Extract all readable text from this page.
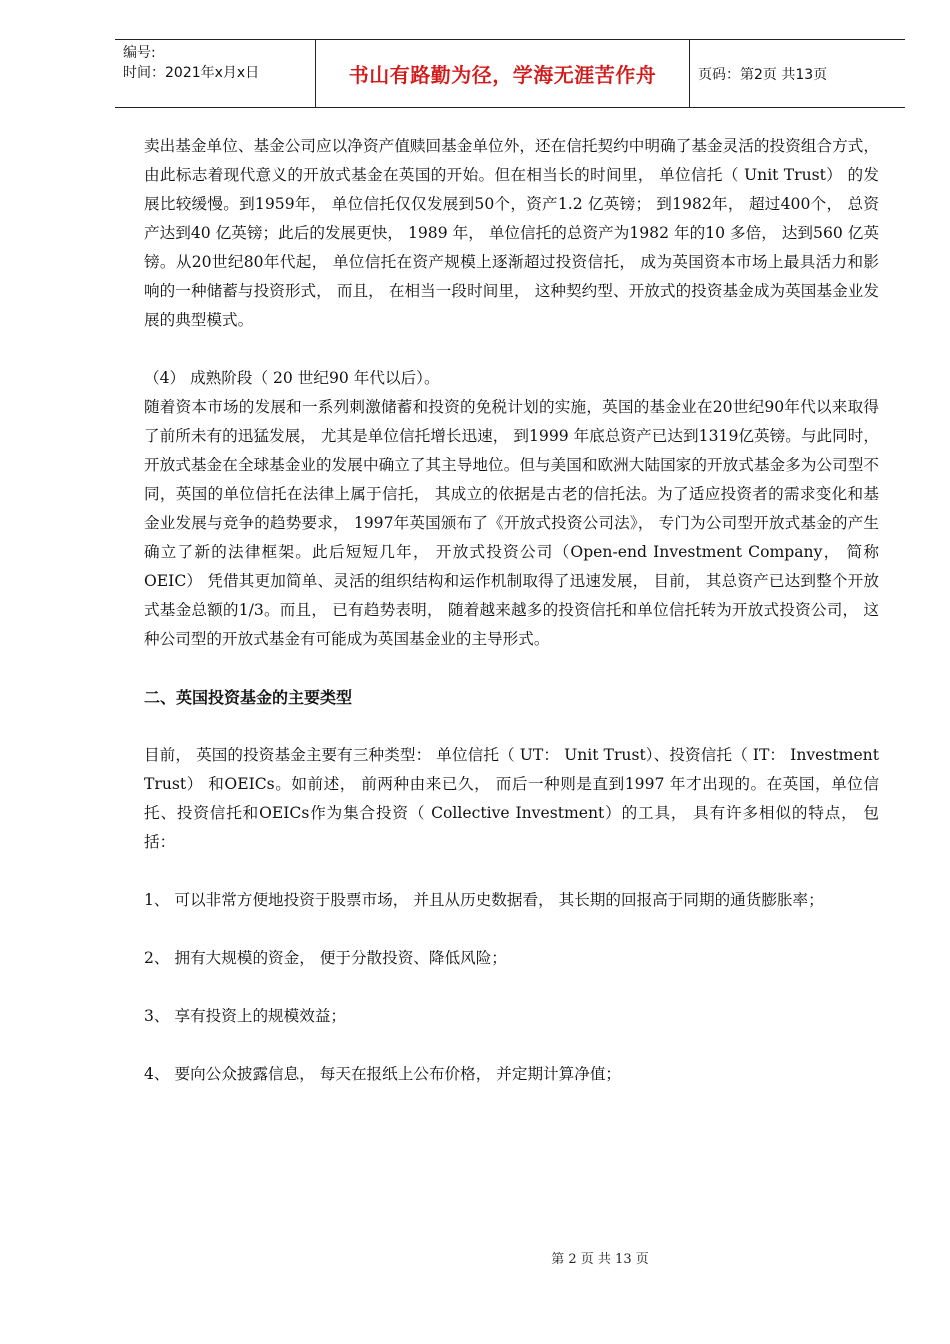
编号:
时间：2021年x月x日	书山有路勤为径，学海无涯苦作舟	页码：第2页 共13页

卖出基金单位、基金公司应以净资产值赎回基金单位外，还在信托契约中明确了基金灵活的投资组合方式， 由此标志着现代意义的开放式基金在英国的开始。但在相当长的时间里， 单位信托（ Unit Trust） 的发展比较缓慢。到1959年， 单位信托仅仅发展到50个，资产1.2 亿英镑； 到1982年， 超过400个， 总资产达到40 亿英镑；此后的发展更快， 1989 年， 单位信托的总资产为1982 年的10 多倍， 达到560 亿英镑。从20世纪80年代起， 单位信托在资产规模上逐渐超过投资信托， 成为英国资本市场上最具活力和影响的一种储蓄与投资形式， 而且， 在相当一段时间里， 这种契约型、开放式的投资基金成为英国基金业发展的典型模式。

（4） 成熟阶段（ 20 世纪90 年代以后）。

随着资本市场的发展和一系列刺激储蓄和投资的免税计划的实施，英国的基金业在20世纪90年代以来取得了前所未有的迅猛发展， 尤其是单位信托增长迅速， 到1999 年底总资产已达到1319亿英镑。与此同时， 开放式基金在全球基金业的发展中确立了其主导地位。但与美国和欧洲大陆国家的开放式基金多为公司型不同，英国的单位信托在法律上属于信托， 其成立的依据是古老的信托法。为了适应投资者的需求变化和基金业发展与竞争的趋势要求， 1997年英国颁布了《开放式投资公司法》， 专门为公司型开放式基金的产生确立了新的法律框架。此后短短几年， 开放式投资公司（Open-end Investment Company， 简称OEIC） 凭借其更加简单、灵活的组织结构和运作机制取得了迅速发展， 目前， 其总资产已达到整个开放式基金总额的1/3。而且， 已有趋势表明， 随着越来越多的投资信托和单位信托转为开放式投资公司， 这种公司型的开放式基金有可能成为英国基金业的主导形式。

二、英国投资基金的主要类型

目前， 英国的投资基金主要有三种类型： 单位信托（ UT： Unit Trust）、投资信托（ IT： Investment Trust） 和OEICs。如前述， 前两种由来已久， 而后一种则是直到1997 年才出现的。在英国，单位信托、投资信托和OEICs作为集合投资（ Collective Investment）的工具， 具有许多相似的特点， 包括：

1、 可以非常方便地投资于股票市场， 并且从历史数据看， 其长期的回报高于同期的通货膨胀率；

2、 拥有大规模的资金， 便于分散投资、降低风险；

3、 享有投资上的规模效益；

4、 要向公众披露信息， 每天在报纸上公布价格， 并定期计算净值；

第 2 页 共 13 页
